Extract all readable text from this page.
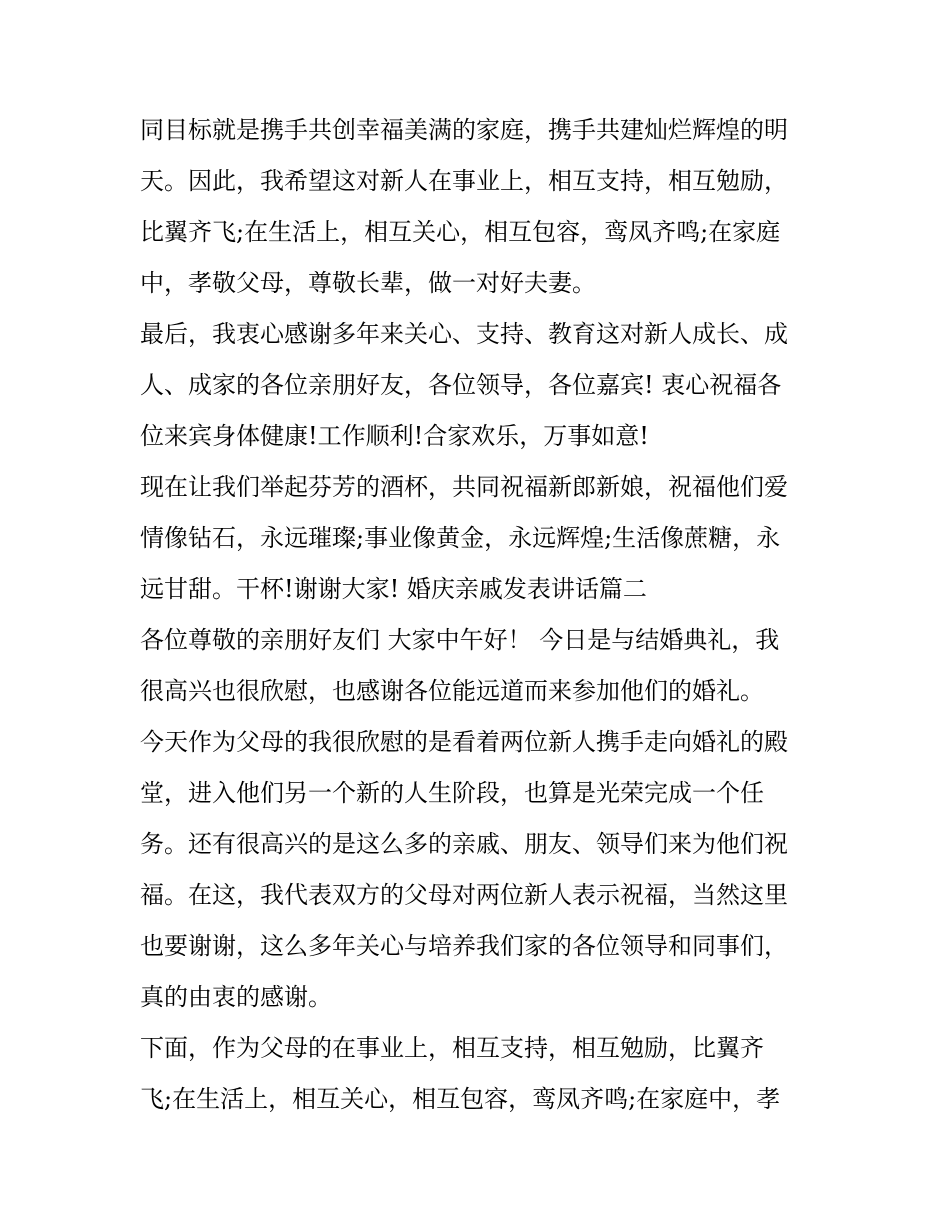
同目标就是携手共创幸福美满的家庭，携手共建灿烂辉煌的明
天。因此，我希望这对新人在事业上，相互支持，相互勉励，
比翼齐飞;在生活上，相互关心，相互包容，鸾凤齐鸣;在家庭
中，孝敬父母，尊敬长辈，做一对好夫妻。
最后，我衷心感谢多年来关心、支持、教育这对新人成长、成
人、成家的各位亲朋好友，各位领导，各位嘉宾! 衷心祝福各
位来宾身体健康!工作顺利!合家欢乐，万事如意!
现在让我们举起芬芳的酒杯，共同祝福新郎新娘，祝福他们爱
情像钻石，永远璀璨;事业像黄金，永远辉煌;生活像蔗糖，永
远甘甜。干杯!谢谢大家! 婚庆亲戚发表讲话篇二
各位尊敬的亲朋好友们 大家中午好！ 今日是与结婚典礼，我
很高兴也很欣慰，也感谢各位能远道而来参加他们的婚礼。
今天作为父母的我很欣慰的是看着两位新人携手走向婚礼的殿
堂，进入他们另一个新的人生阶段，也算是光荣完成一个任
务。还有很高兴的是这么多的亲戚、朋友、领导们来为他们祝
福。在这，我代表双方的父母对两位新人表示祝福，当然这里
也要谢谢，这么多年关心与培养我们家的各位领导和同事们，
真的由衷的感谢。
下面，作为父母的在事业上，相互支持，相互勉励，比翼齐
飞;在生活上，相互关心，相互包容，鸾凤齐鸣;在家庭中，孝
